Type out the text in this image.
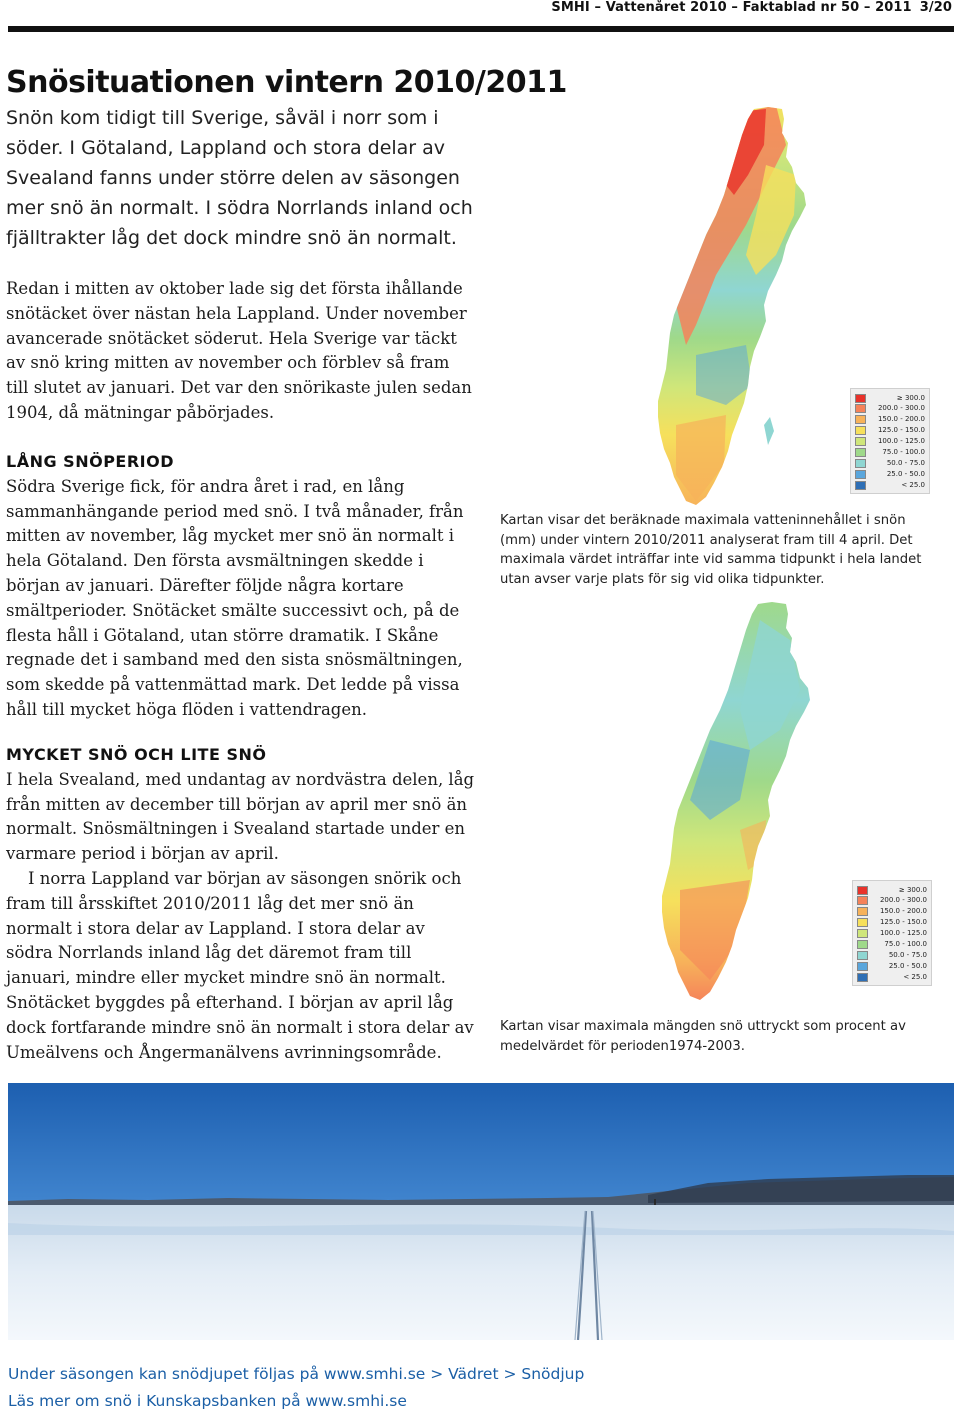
SMHI – Vattenåret 2010 – Faktablad nr 50 – 2011 3/20
Snösituationen vintern 2010/2011
Snön kom tidigt till Sverige, såväl i norr som i söder. I Götaland, Lappland och stora delar av Svealand fanns under större delen av säsongen mer snö än normalt. I södra Norrlands inland och fjälltrakter låg det dock mindre snö än normalt.

Redan i mitten av oktober lade sig det första ihållande snötäcket över nästan hela Lappland. Under november avancerade snötäcket söderut. Hela Sverige var täckt av snö kring mitten av november och förblev så fram till slutet av januari. Det var den snörikaste julen sedan 1904, då mätningar påbörjades.

LÅNG SNÖPERIOD

Södra Sverige fick, för andra året i rad, en lång sammanhängande period med snö. I två månader, från mitten av november, låg mycket mer snö än normalt i hela Götaland. Den första avsmältningen skedde i början av januari. Därefter följde några kortare smältperioder. Snötäcket smälte successivt och, på de flesta håll i Götaland, utan större dramatik. I Skåne regnade det i samband med den sista snösmältningen, som skedde på vattenmättad mark. Det ledde på vissa håll till mycket höga flöden i vattendragen.

MYCKET SNÖ OCH LITE SNÖ

I hela Svealand, med undantag av nordvästra delen, låg från mitten av december till början av april mer snö än normalt. Snösmältningen i Svealand startade under en varmare period i början av april.

I norra Lappland var början av säsongen snörik och fram till årsskiftet 2010/2011 låg det mer snö än normalt i stora delar av Lappland. I stora delar av södra Norrlands inland låg det däremot fram till januari, mindre eller mycket mindre snö än normalt. Snötäcket byggdes på efterhand. I början av april låg dock fortfarande mindre snö än normalt i stora delar av Umeälvens och Ångermanälvens avrinningsområde.

≥ 300.0
200.0 - 300.0
150.0 - 200.0
125.0 - 150.0
100.0 - 125.0
75.0 - 100.0
50.0 - 75.0
25.0 - 50.0
< 25.0
Kartan visar det beräknade maximala vatteninnehållet i snön (mm) under vintern 2010/2011 analyserat fram till 4 april. Det maximala värdet inträffar inte vid samma tidpunkt i hela landet utan avser varje plats för sig vid olika tidpunkter.
≥ 300.0
200.0 - 300.0
150.0 - 200.0
125.0 - 150.0
100.0 - 125.0
75.0 - 100.0
50.0 - 75.0
25.0 - 50.0
< 25.0
Kartan visar maximala mängden snö uttryckt som procent av medelvärdet för perioden1974-2003.
Under säsongen kan snödjupet följas på www.smhi.se > Vädret > Snödjup
Läs mer om snö i Kunskapsbanken på www.smhi.se
